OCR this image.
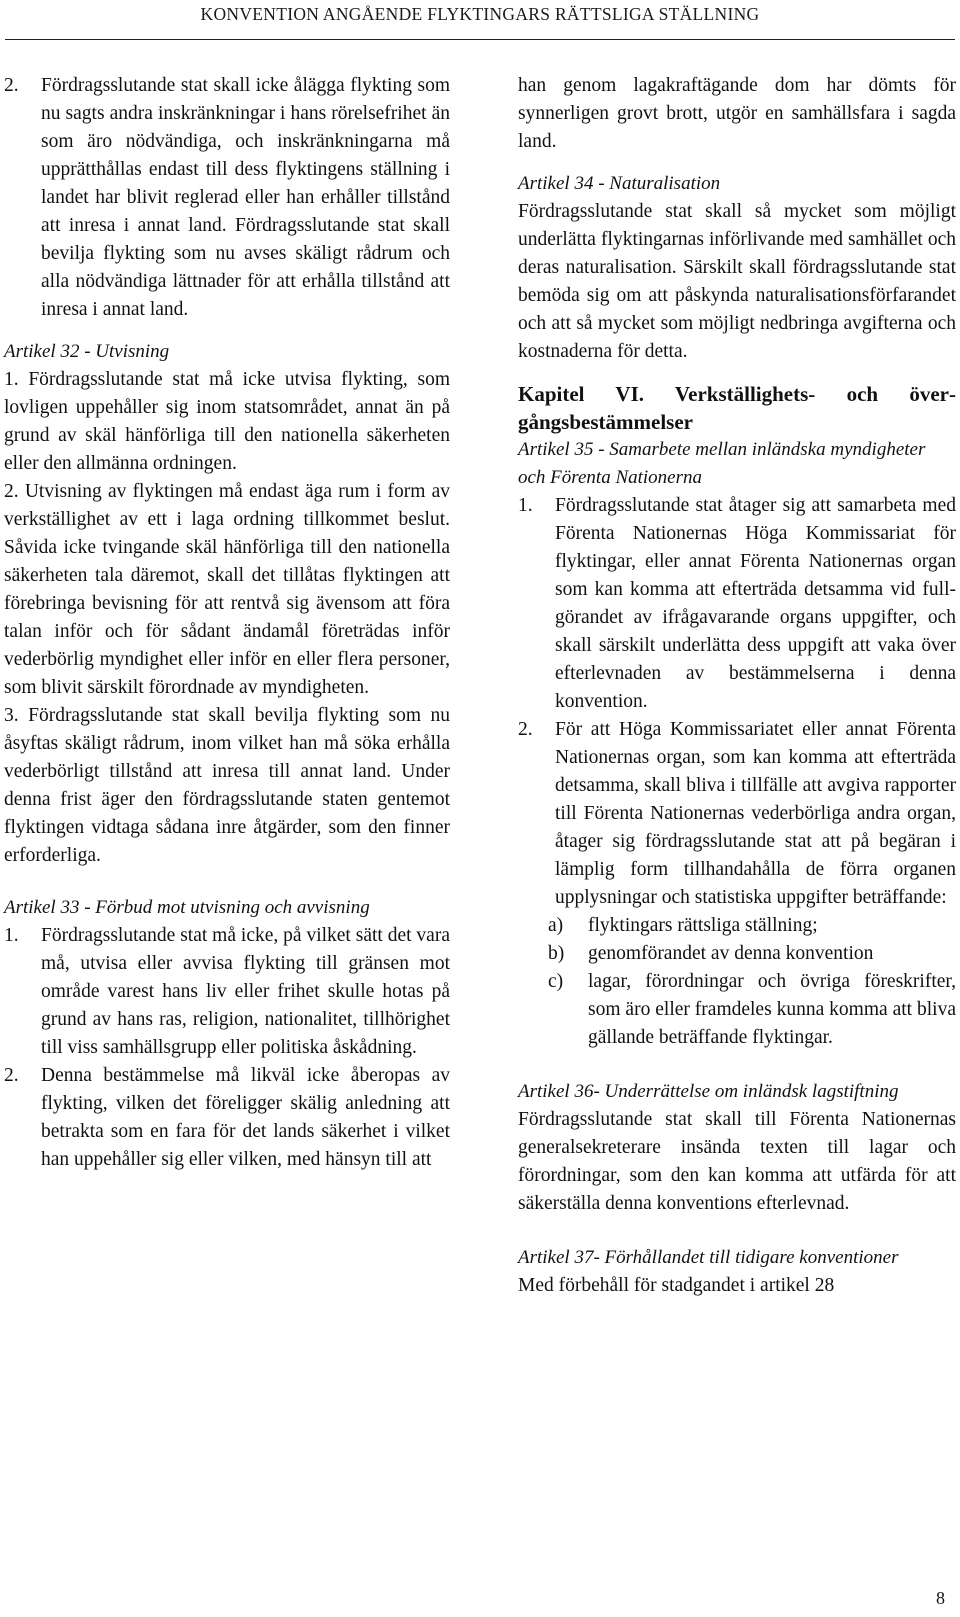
KONVENTION ANGÅENDE FLYKTINGARS RÄTTSLIGA STÄLLNING
2. Fördragsslutande stat skall icke ålägga flykting som nu sagts andra inskränkningar i hans rörelsefrihet än som äro nödvändiga, och inskränkningarna må upprätthållas endast till dess flyktingens ställning i landet har blivit reglerad eller han erhåller tillstånd att inresa i annat land. Fördragsslutande stat skall bevilja flykting som nu avses skäligt rådrum och alla nödvändiga lättnader för att erhålla tillstånd att inresa i annat land.

Artikel 32 - Utvisning

1. Fördragsslutande stat må icke utvisa flykting, som lovligen uppehåller sig inom statsområdet, annat än på grund av skäl hänförliga till den nationella säkerheten eller den allmänna ordningen.

2. Utvisning av flyktingen må endast äga rum i form av verkställighet av ett i laga ordning tillkommet beslut. Såvida icke tvingande skäl hänförliga till den nationella säkerheten tala däremot, skall det tillåtas flyktingen att förebringa bevisning för att rentvå sig ävensom att föra talan inför och för sådant ändamål företrädas inför vederbörlig myndighet eller inför en eller flera personer, som blivit särskilt förordnade av myndigheten.

3. Fördragsslutande stat skall bevilja flykting som nu åsyftas skäligt rådrum, inom vilket han må söka erhålla vederbörligt tillstånd att inresa till annat land. Under denna frist äger den fördragsslutande staten gentemot flyktingen vidtaga sådana inre åtgärder, som den finner erforderliga.

Artikel 33 - Förbud mot utvisning och avvisning

1. Fördragsslutande stat må icke, på vilket sätt det vara må, utvisa eller avvisa flykting till gränsen mot område varest hans liv eller frihet skulle hotas på grund av hans ras, religion, nationalitet, tillhörighet till viss samhällsgrupp eller politiska åskådning.
2. Denna bestämmelse må likväl icke åberopas av flykting, vilken det föreligger skälig anledning att betrakta som en fara för det lands säkerhet i vilket han uppehåller sig eller vilken, med hänsyn till att

han genom lagakraftägande dom har dömts för synnerligen grovt brott, utgör en samhällsfara i sagda land.

Artikel 34 - Naturalisation

Fördragsslutande stat skall så mycket som möjligt underlätta flyktingarnas införlivande med samhället och deras naturalisation. Särskilt skall fördragsslutande stat bemöda sig om att påskynda naturalisationsförfarandet och att så mycket som möjligt nedbringa avgifterna och kostnaderna för detta.

Kapitel VI. Verkställighets- och övergångsbestämmelser

Artikel 35 - Samarbete mellan inländska myndigheter och Förenta Nationerna

1. Fördragsslutande stat åtager sig att samarbeta med Förenta Nationernas Höga Kommissariat för flyktingar, eller annat Förenta Nationernas organ som kan komma att efterträda detsamma vid fullgörandet av ifrågavarande organs uppgifter, och skall särskilt underlätta dess uppgift att vaka över efterlevnaden av bestämmelserna i denna konvention.
2. För att Höga Kommissariatet eller annat Förenta Nationernas organ, som kan komma att efterträda detsamma, skall bliva i tillfälle att avgiva rapporter till Förenta Nationernas vederbörliga andra organ, åtager sig fördragsslutande stat att på begäran i lämplig form tillhandahålla de förra organen upplysningar och statistiska uppgifter beträffande:
a) flyktingars rättsliga ställning;
b) genomförandet av denna konvention
c) lagar, förordningar och övriga föreskrifter, som äro eller framdeles kunna komma att bliva gällande beträffande flyktingar.

Artikel 36- Underrättelse om inländsk lagstiftning

Fördragsslutande stat skall till Förenta Nationernas generalsekreterare insända texten till lagar och förordningar, som den kan komma att utfärda för att säkerställa denna konventions efterlevnad.

Artikel 37- Förhållandet till tidigare konventioner

Med förbehåll för stadgandet i artikel 28

8
